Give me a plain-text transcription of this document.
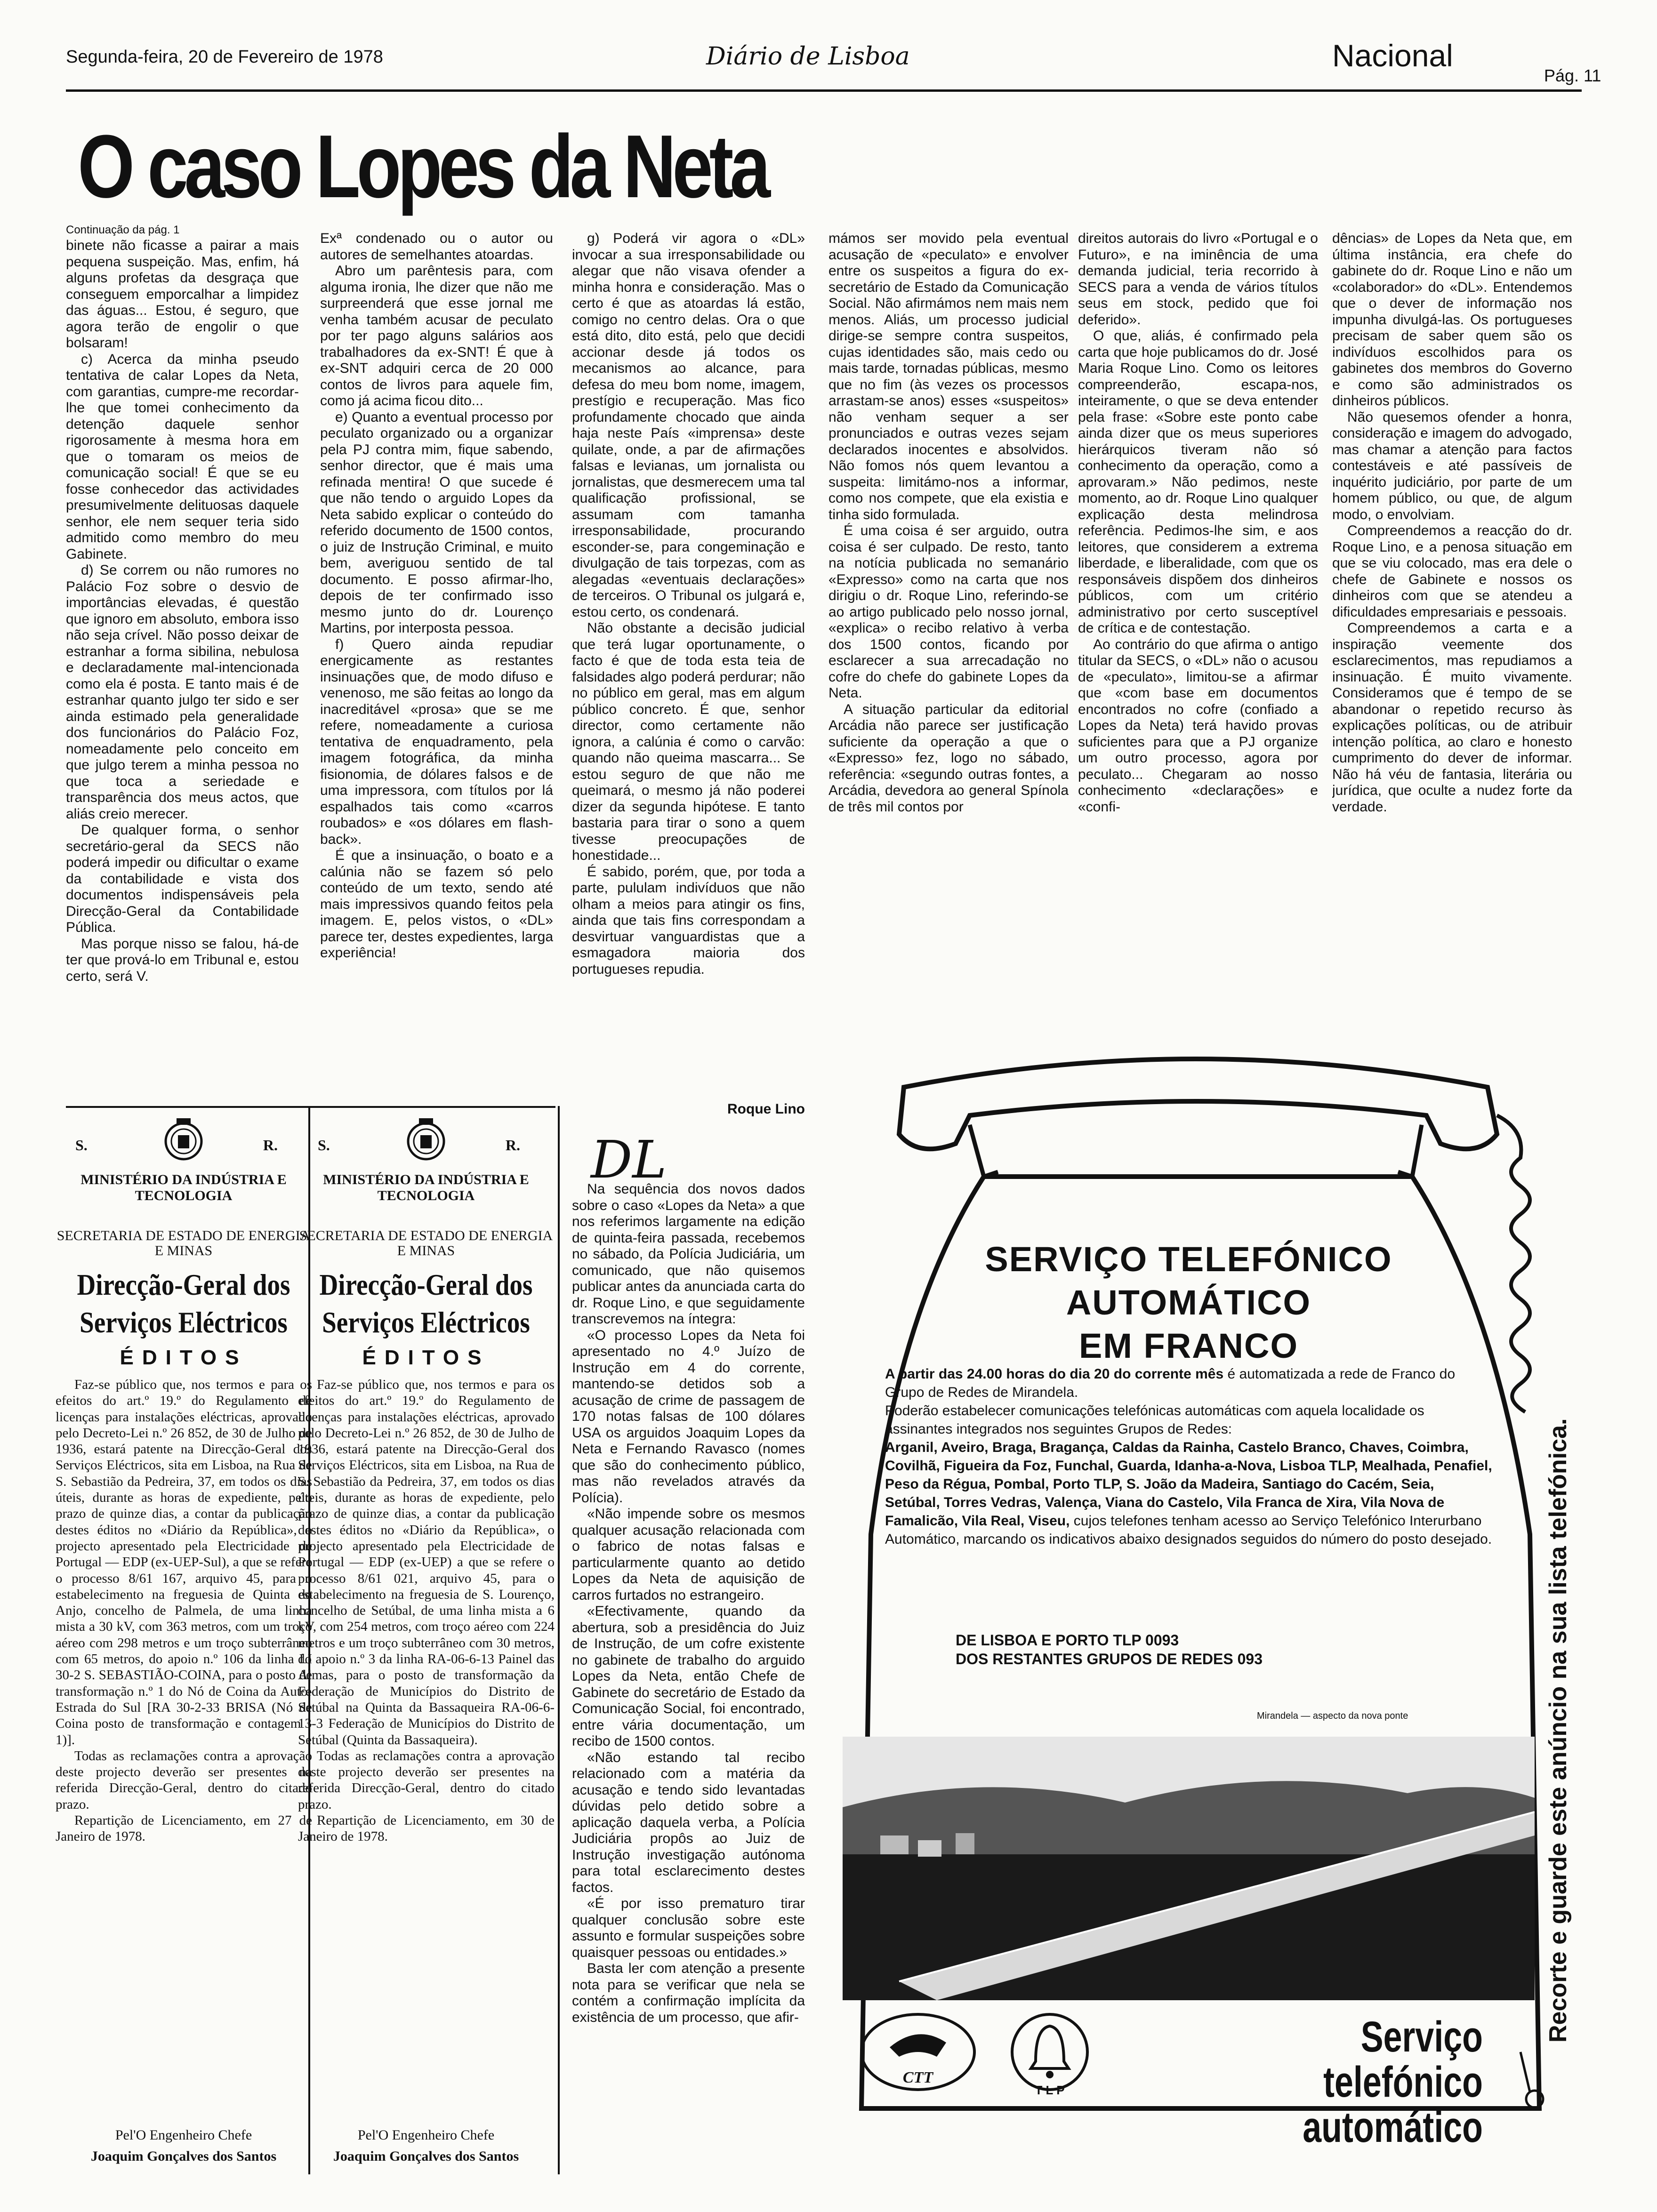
Segunda-feira, 20 de Fevereiro de 1978	Diário de Lisboa	Nacional
Pág. 11
O caso Lopes da Neta
Continuação da pág. 1

binete não ficasse a pairar a mais pequena suspeição. Mas, enfim, há alguns profetas da desgraça que conseguem emporcalhar a limpidez das águas... Estou, é seguro, que agora terão de engolir o que bolsaram!

c) Acerca da minha pseudo tentativa de calar Lopes da Neta, com garantias, cumpre-me recordar-lhe que tomei conhecimento da detenção daquele senhor rigorosamente à mesma hora em que o tomaram os meios de comunicação social! É que se eu fosse conhecedor das actividades presumivelmente delituosas daquele senhor, ele nem sequer teria sido admitido como membro do meu Gabinete.

d) Se correm ou não rumores no Palácio Foz sobre o desvio de importâncias elevadas, é questão que ignoro em absoluto, embora isso não seja crível. Não posso deixar de estranhar a forma sibilina, nebulosa e declaradamente mal-intencionada como ela é posta. E tanto mais é de estranhar quanto julgo ter sido e ser ainda estimado pela generalidade dos funcionários do Palácio Foz, nomeadamente pelo conceito em que julgo terem a minha pessoa no que toca a seriedade e transparência dos meus actos, que aliás creio merecer.

De qualquer forma, o senhor secretário-geral da SECS não poderá impedir ou dificultar o exame da contabilidade e vista dos documentos indispensáveis pela Direcção-Geral da Contabilidade Pública.

Mas porque nisso se falou, há-de ter que prová-lo em Tribunal e, estou certo, será V.

Exª condenado ou o autor ou autores de semelhantes atoardas.

Abro um parêntesis para, com alguma ironia, lhe dizer que não me surpreenderá que esse jornal me venha também acusar de peculato por ter pago alguns salários aos trabalhadores da ex-SNT! É que à ex-SNT adquiri cerca de 20 000 contos de livros para aquele fim, como já acima ficou dito...

e) Quanto a eventual processo por peculato organizado ou a organizar pela PJ contra mim, fique sabendo, senhor director, que é mais uma refinada mentira! O que sucede é que não tendo o arguido Lopes da Neta sabido explicar o conteúdo do referido documento de 1500 contos, o juiz de Instrução Criminal, e muito bem, averiguou sentido de tal documento. E posso afirmar-lho, depois de ter confirmado isso mesmo junto do dr. Lourenço Martins, por interposta pessoa.

f) Quero ainda repudiar energicamente as restantes insinuações que, de modo difuso e venenoso, me são feitas ao longo da inacreditável «prosa» que se me refere, nomeadamente a curiosa tentativa de enquadramento, pela imagem fotográfica, da minha fisionomia, de dólares falsos e de uma impressora, com títulos por lá espalhados tais como «carros roubados» e «os dólares em flash-back».

É que a insinuação, o boato e a calúnia não se fazem só pelo conteúdo de um texto, sendo até mais impressivos quando feitos pela imagem. E, pelos vistos, o «DL» parece ter, destes expedientes, larga experiência!

g) Poderá vir agora o «DL» invocar a sua irresponsabilidade ou alegar que não visava ofender a minha honra e consideração. Mas o certo é que as atoardas lá estão, comigo no centro delas. Ora o que está dito, dito está, pelo que decidi accionar desde já todos os mecanismos ao alcance, para defesa do meu bom nome, imagem, prestígio e recuperação. Mas fico profundamente chocado que ainda haja neste País «imprensa» deste quilate, onde, a par de afirmações falsas e levianas, um jornalista ou jornalistas, que desmerecem uma tal qualificação profissional, se assumam com tamanha irresponsabilidade, procurando esconder-se, para congeminação e divulgação de tais torpezas, com as alegadas «eventuais declarações» de terceiros. O Tribunal os julgará e, estou certo, os condenará.

Não obstante a decisão judicial que terá lugar oportunamente, o facto é que de toda esta teia de falsidades algo poderá perdurar; não no público em geral, mas em algum público concreto. É que, senhor director, como certamente não ignora, a calúnia é como o carvão: quando não queima mascarra... Se estou seguro de que não me queimará, o mesmo já não poderei dizer da segunda hipótese. E tanto bastaria para tirar o sono a quem tivesse preocupações de honestidade...

É sabido, porém, que, por toda a parte, pululam indivíduos que não olham a meios para atingir os fins, ainda que tais fins correspondam a desvirtuar vanguardistas que a esmagadora maioria dos portugueses repudia.

Roque Lino
DL

Na sequência dos novos dados sobre o caso «Lopes da Neta» a que nos referimos largamente na edição de quinta-feira passada, recebemos no sábado, da Polícia Judiciária, um comunicado, que não quisemos publicar antes da anunciada carta do dr. Roque Lino, e que seguidamente transcrevemos na íntegra:

«O processo Lopes da Neta foi apresentado no 4.º Juízo de Instrução em 4 do corrente, mantendo-se detidos sob a acusação de crime de passagem de 170 notas falsas de 100 dólares USA os arguidos Joaquim Lopes da Neta e Fernando Ravasco (nomes que são do conhecimento público, mas não revelados através da Polícia).

«Não impende sobre os mesmos qualquer acusação relacionada com o fabrico de notas falsas e particularmente quanto ao detido Lopes da Neta de aquisição de carros furtados no estrangeiro.

«Efectivamente, quando da abertura, sob a presidência do Juiz de Instrução, de um cofre existente no gabinete de trabalho do arguido Lopes da Neta, então Chefe de Gabinete do secretário de Estado da Comunicação Social, foi encontrado, entre vária documentação, um recibo de 1500 contos.

«Não estando tal recibo relacionado com a matéria da acusação e tendo sido levantadas dúvidas pelo detido sobre a aplicação daquela verba, a Polícia Judiciária propôs ao Juiz de Instrução investigação autónoma para total esclarecimento destes factos.

«É por isso prematuro tirar qualquer conclusão sobre este assunto e formular suspeições sobre quaisquer pessoas ou entidades.»

Basta ler com atenção a presente nota para se verificar que nela se contém a confirmação implícita da existência de um processo, que afir-

mámos ser movido pela eventual acusação de «peculato» e envolver entre os suspeitos a figura do ex-secretário de Estado da Comunicação Social. Não afirmámos nem mais nem menos. Aliás, um processo judicial dirige-se sempre contra suspeitos, cujas identidades são, mais cedo ou mais tarde, tornadas públicas, mesmo que no fim (às vezes os processos arrastam-se anos) esses «suspeitos» não venham sequer a ser pronunciados e outras vezes sejam declarados inocentes e absolvidos. Não fomos nós quem levantou a suspeita: limitámo-nos a informar, como nos compete, que ela existia e tinha sido formulada.

É uma coisa é ser arguido, outra coisa é ser culpado. De resto, tanto na notícia publicada no semanário «Expresso» como na carta que nos dirigiu o dr. Roque Lino, referindo-se ao artigo publicado pelo nosso jornal, «explica» o recibo relativo à verba dos 1500 contos, ficando por esclarecer a sua arrecadação no cofre do chefe do gabinete Lopes da Neta.

A situação particular da editorial Arcádia não parece ser justificação suficiente da operação a que o «Expresso» fez, logo no sábado, referência: «segundo outras fontes, a Arcádia, devedora ao general Spínola de três mil contos por

direitos autorais do livro «Portugal e o Futuro», e na iminência de uma demanda judicial, teria recorrido à SECS para a venda de vários títulos seus em stock, pedido que foi deferido».

O que, aliás, é confirmado pela carta que hoje publicamos do dr. José Maria Roque Lino. Como os leitores compreenderão, escapa-nos, inteiramente, o que se deva entender pela frase: «Sobre este ponto cabe ainda dizer que os meus superiores hierárquicos tiveram não só conhecimento da operação, como a aprovaram.» Não pedimos, neste momento, ao dr. Roque Lino qualquer explicação desta melindrosa referência. Pedimos-lhe sim, e aos leitores, que considerem a extrema liberdade, e liberalidade, com que os responsáveis dispõem dos dinheiros públicos, com um critério administrativo por certo susceptível de crítica e de contestação.

Ao contrário do que afirma o antigo titular da SECS, o «DL» não o acusou de «peculato», limitou-se a afirmar que «com base em documentos encontrados no cofre (confiado a Lopes da Neta) terá havido provas suficientes para que a PJ organize um outro processo, agora por peculato... Chegaram ao nosso conhecimento «declarações» e «confi-

dências» de Lopes da Neta que, em última instância, era chefe do gabinete do dr. Roque Lino e não um «colaborador» do «DL». Entendemos que o dever de informação nos impunha divulgá-las. Os portugueses precisam de saber quem são os indivíduos escolhidos para os gabinetes dos membros do Governo e como são administrados os dinheiros públicos.

Não quesemos ofender a honra, consideração e imagem do advogado, mas chamar a atenção para factos contestáveis e até passíveis de inquérito judiciário, por parte de um homem público, ou que, de algum modo, o envolviam.

Compreendemos a reacção do dr. Roque Lino, e a penosa situação em que se viu colocado, mas era dele o chefe de Gabinete e nossos os dinheiros com que se atendeu a dificuldades empresariais e pessoais.

Compreendemos a carta e a inspiração veemente dos esclarecimentos, mas repudiamos a insinuação. É muito vivamente. Consideramos que é tempo de se abandonar o repetido recurso às explicações políticas, ou de atribuir intenção política, ao claro e honesto cumprimento do dever de informar. Não há véu de fantasia, literária ou jurídica, que oculte a nudez forte da verdade.

S.	R.
MINISTÉRIO DA INDÚSTRIA E TECNOLOGIA
SECRETARIA DE ESTADO DE ENERGIA E MINAS
Direcção-Geral dos Serviços Eléctricos
ÉDITOS

Faz-se público que, nos termos e para os efeitos do art.º 19.º do Regulamento de licenças para instalações eléctricas, aprovado pelo Decreto-Lei n.º 26 852, de 30 de Julho de 1936, estará patente na Direcção-Geral dos Serviços Eléctricos, sita em Lisboa, na Rua de S. Sebastião da Pedreira, 37, em todos os dias úteis, durante as horas de expediente, pelo prazo de quinze dias, a contar da publicação destes éditos no «Diário da República», o projecto apresentado pela Electricidade de Portugal — EDP (ex-UEP-Sul), a que se refere o processo 8/61 167, arquivo 45, para o estabelecimento na freguesia de Quinta do Anjo, concelho de Palmela, de uma linha mista a 30 kV, com 363 metros, com um troço aéreo com 298 metros e um troço subterrâneo com 65 metros, do apoio n.º 106 da linha LI 30-2 S. SEBASTIÃO-COINA, para o posto de transformação n.º 1 do Nó de Coina da Auto-Estrada do Sul [RA 30-2-33 BRISA (Nó de Coina posto de transformação e contagem - 1)].

Todas as reclamações contra a aprovação deste projecto deverão ser presentes na referida Direcção-Geral, dentro do citado prazo.

Repartição de Licenciamento, em 27 de Janeiro de 1978.

Pel'O Engenheiro Chefe
Joaquim Gonçalves dos Santos
S.	R.
MINISTÉRIO DA INDÚSTRIA E TECNOLOGIA
SECRETARIA DE ESTADO DE ENERGIA E MINAS
Direcção-Geral dos Serviços Eléctricos
ÉDITOS

Faz-se público que, nos termos e para os efeitos do art.º 19.º do Regulamento de licenças para instalações eléctricas, aprovado pelo Decreto-Lei n.º 26 852, de 30 de Julho de 1936, estará patente na Direcção-Geral dos Serviços Eléctricos, sita em Lisboa, na Rua de S. Sebastião da Pedreira, 37, em todos os dias úteis, durante as horas de expediente, pelo prazo de quinze dias, a contar da publicação destes éditos no «Diário da República», o projecto apresentado pela Electricidade de Portugal — EDP (ex-UEP) a que se refere o processo 8/61 021, arquivo 45, para o estabelecimento na freguesia de S. Lourenço, concelho de Setúbal, de uma linha mista a 6 kV, com 254 metros, com troço aéreo com 224 metros e um troço subterrâneo com 30 metros, do apoio n.º 3 da linha RA-06-6-13 Painel das Almas, para o posto de transformação da Federação de Municípios do Distrito de Setúbal na Quinta da Bassaqueira RA-06-6-13-3 Federação de Municípios do Distrito de Setúbal (Quinta da Bassaqueira).

Todas as reclamações contra a aprovação deste projecto deverão ser presentes na referida Direcção-Geral, dentro do citado prazo.

Repartição de Licenciamento, em 30 de Janeiro de 1978.

Pel'O Engenheiro Chefe
Joaquim Gonçalves dos Santos
SERVIÇO TELEFÓNICO
AUTOMÁTICO
EM FRANCO
A partir das 24.00 horas do dia 20 do corrente mês é automatizada a rede de Franco do Grupo de Redes de Mirandela.
Poderão estabelecer comunicações telefónicas automáticas com aquela localidade os assinantes integrados nos seguintes Grupos de Redes:
Arganil, Aveiro, Braga, Bragança, Caldas da Rainha, Castelo Branco, Chaves, Coimbra, Covilhã, Figueira da Foz, Funchal, Guarda, Idanha-a-Nova, Lisboa TLP, Mealhada, Penafiel, Peso da Régua, Pombal, Porto TLP, S. João da Madeira, Santiago do Cacém, Seia, Setúbal, Torres Vedras, Valença, Viana do Castelo, Vila Franca de Xira, Vila Nova de Famalicão, Vila Real, Viseu, cujos telefones tenham acesso ao Serviço Telefónico Interurbano Automático, marcando os indicativos abaixo designados seguidos do número do posto desejado.
DE LISBOA E PORTO TLP 0093
DOS RESTANTES GRUPOS DE REDES 093
Mirandela — aspecto da nova ponte
CTT
T L P
Serviço telefónico
automático
Recorte e guarde este anúncio na sua lista telefónica.
